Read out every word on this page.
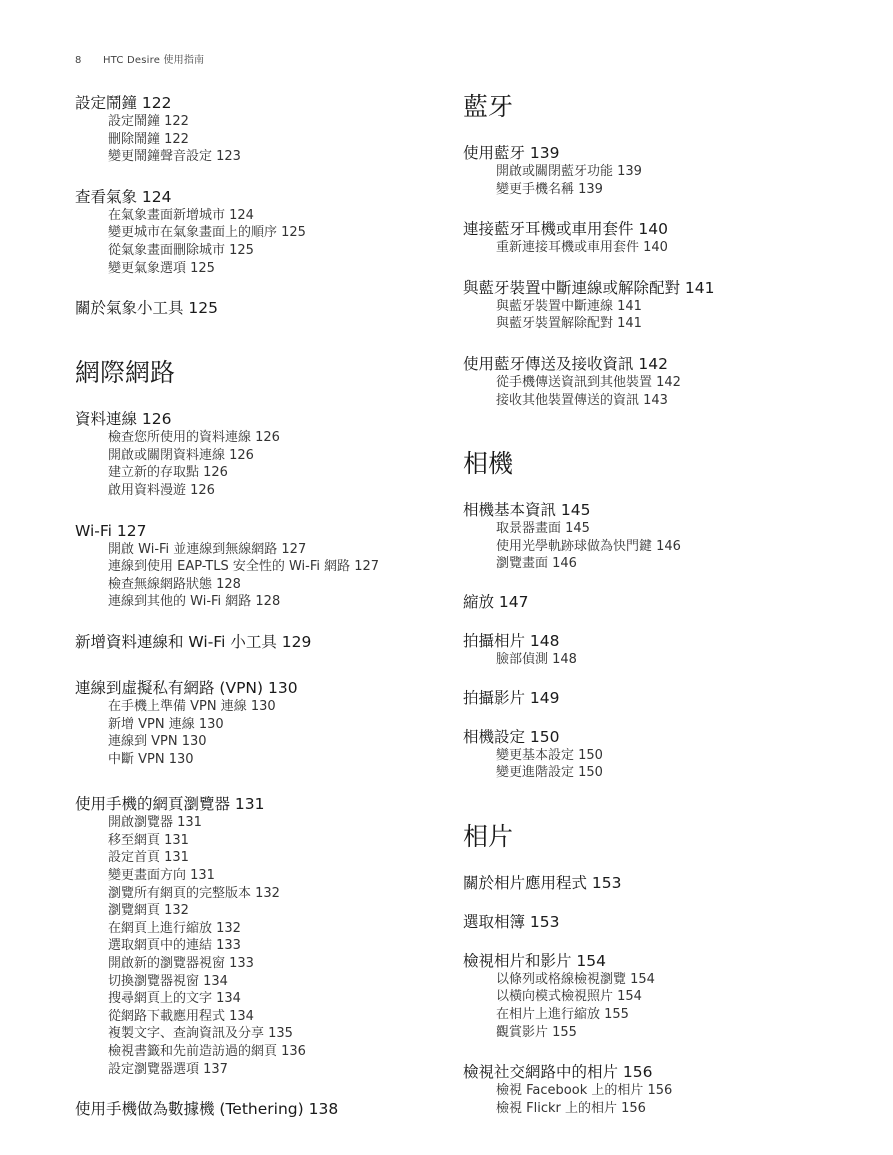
8 HTC Desire 使用指南
設定鬧鐘 122
設定鬧鐘 122
刪除鬧鐘 122
變更鬧鐘聲音設定 123
查看氣象 124
在氣象畫面新增城市 124
變更城市在氣象畫面上的順序 125
從氣象畫面刪除城市 125
變更氣象選項 125
關於氣象小工具 125
網際網路
資料連線 126
檢查您所使用的資料連線 126
開啟或關閉資料連線 126
建立新的存取點 126
啟用資料漫遊 126
Wi-Fi 127
開啟 Wi-Fi 並連線到無線網路 127
連線到使用 EAP-TLS 安全性的 Wi-Fi 網路 127
檢查無線網路狀態 128
連線到其他的 Wi-Fi 網路 128
新增資料連線和 Wi-Fi 小工具 129
連線到虛擬私有網路 (VPN) 130
在手機上準備 VPN 連線 130
新增 VPN 連線 130
連線到 VPN 130
中斷 VPN 130
使用手機的網頁瀏覽器 131
開啟瀏覽器 131
移至網頁 131
設定首頁 131
變更畫面方向 131
瀏覽所有網頁的完整版本 132
瀏覽網頁 132
在網頁上進行縮放 132
選取網頁中的連結 133
開啟新的瀏覽器視窗 133
切換瀏覽器視窗 134
搜尋網頁上的文字 134
從網路下載應用程式 134
複製文字、查詢資訊及分享 135
檢視書籤和先前造訪過的網頁 136
設定瀏覽器選項 137
使用手機做為數據機 (Tethering) 138
藍牙
使用藍牙 139
開啟或關閉藍牙功能 139
變更手機名稱 139
連接藍牙耳機或車用套件 140
重新連接耳機或車用套件 140
與藍牙裝置中斷連線或解除配對 141
與藍牙裝置中斷連線 141
與藍牙裝置解除配對 141
使用藍牙傳送及接收資訊 142
從手機傳送資訊到其他裝置 142
接收其他裝置傳送的資訊 143
相機
相機基本資訊 145
取景器畫面 145
使用光學軌跡球做為快門鍵 146
瀏覽畫面 146
縮放 147
拍攝相片 148
臉部偵測 148
拍攝影片 149
相機設定 150
變更基本設定 150
變更進階設定 150
相片
關於相片應用程式 153
選取相簿 153
檢視相片和影片 154
以條列或格線檢視瀏覽 154
以橫向模式檢視照片 154
在相片上進行縮放 155
觀賞影片 155
檢視社交網路中的相片 156
檢視 Facebook 上的相片 156
檢視 Flickr 上的相片 156
